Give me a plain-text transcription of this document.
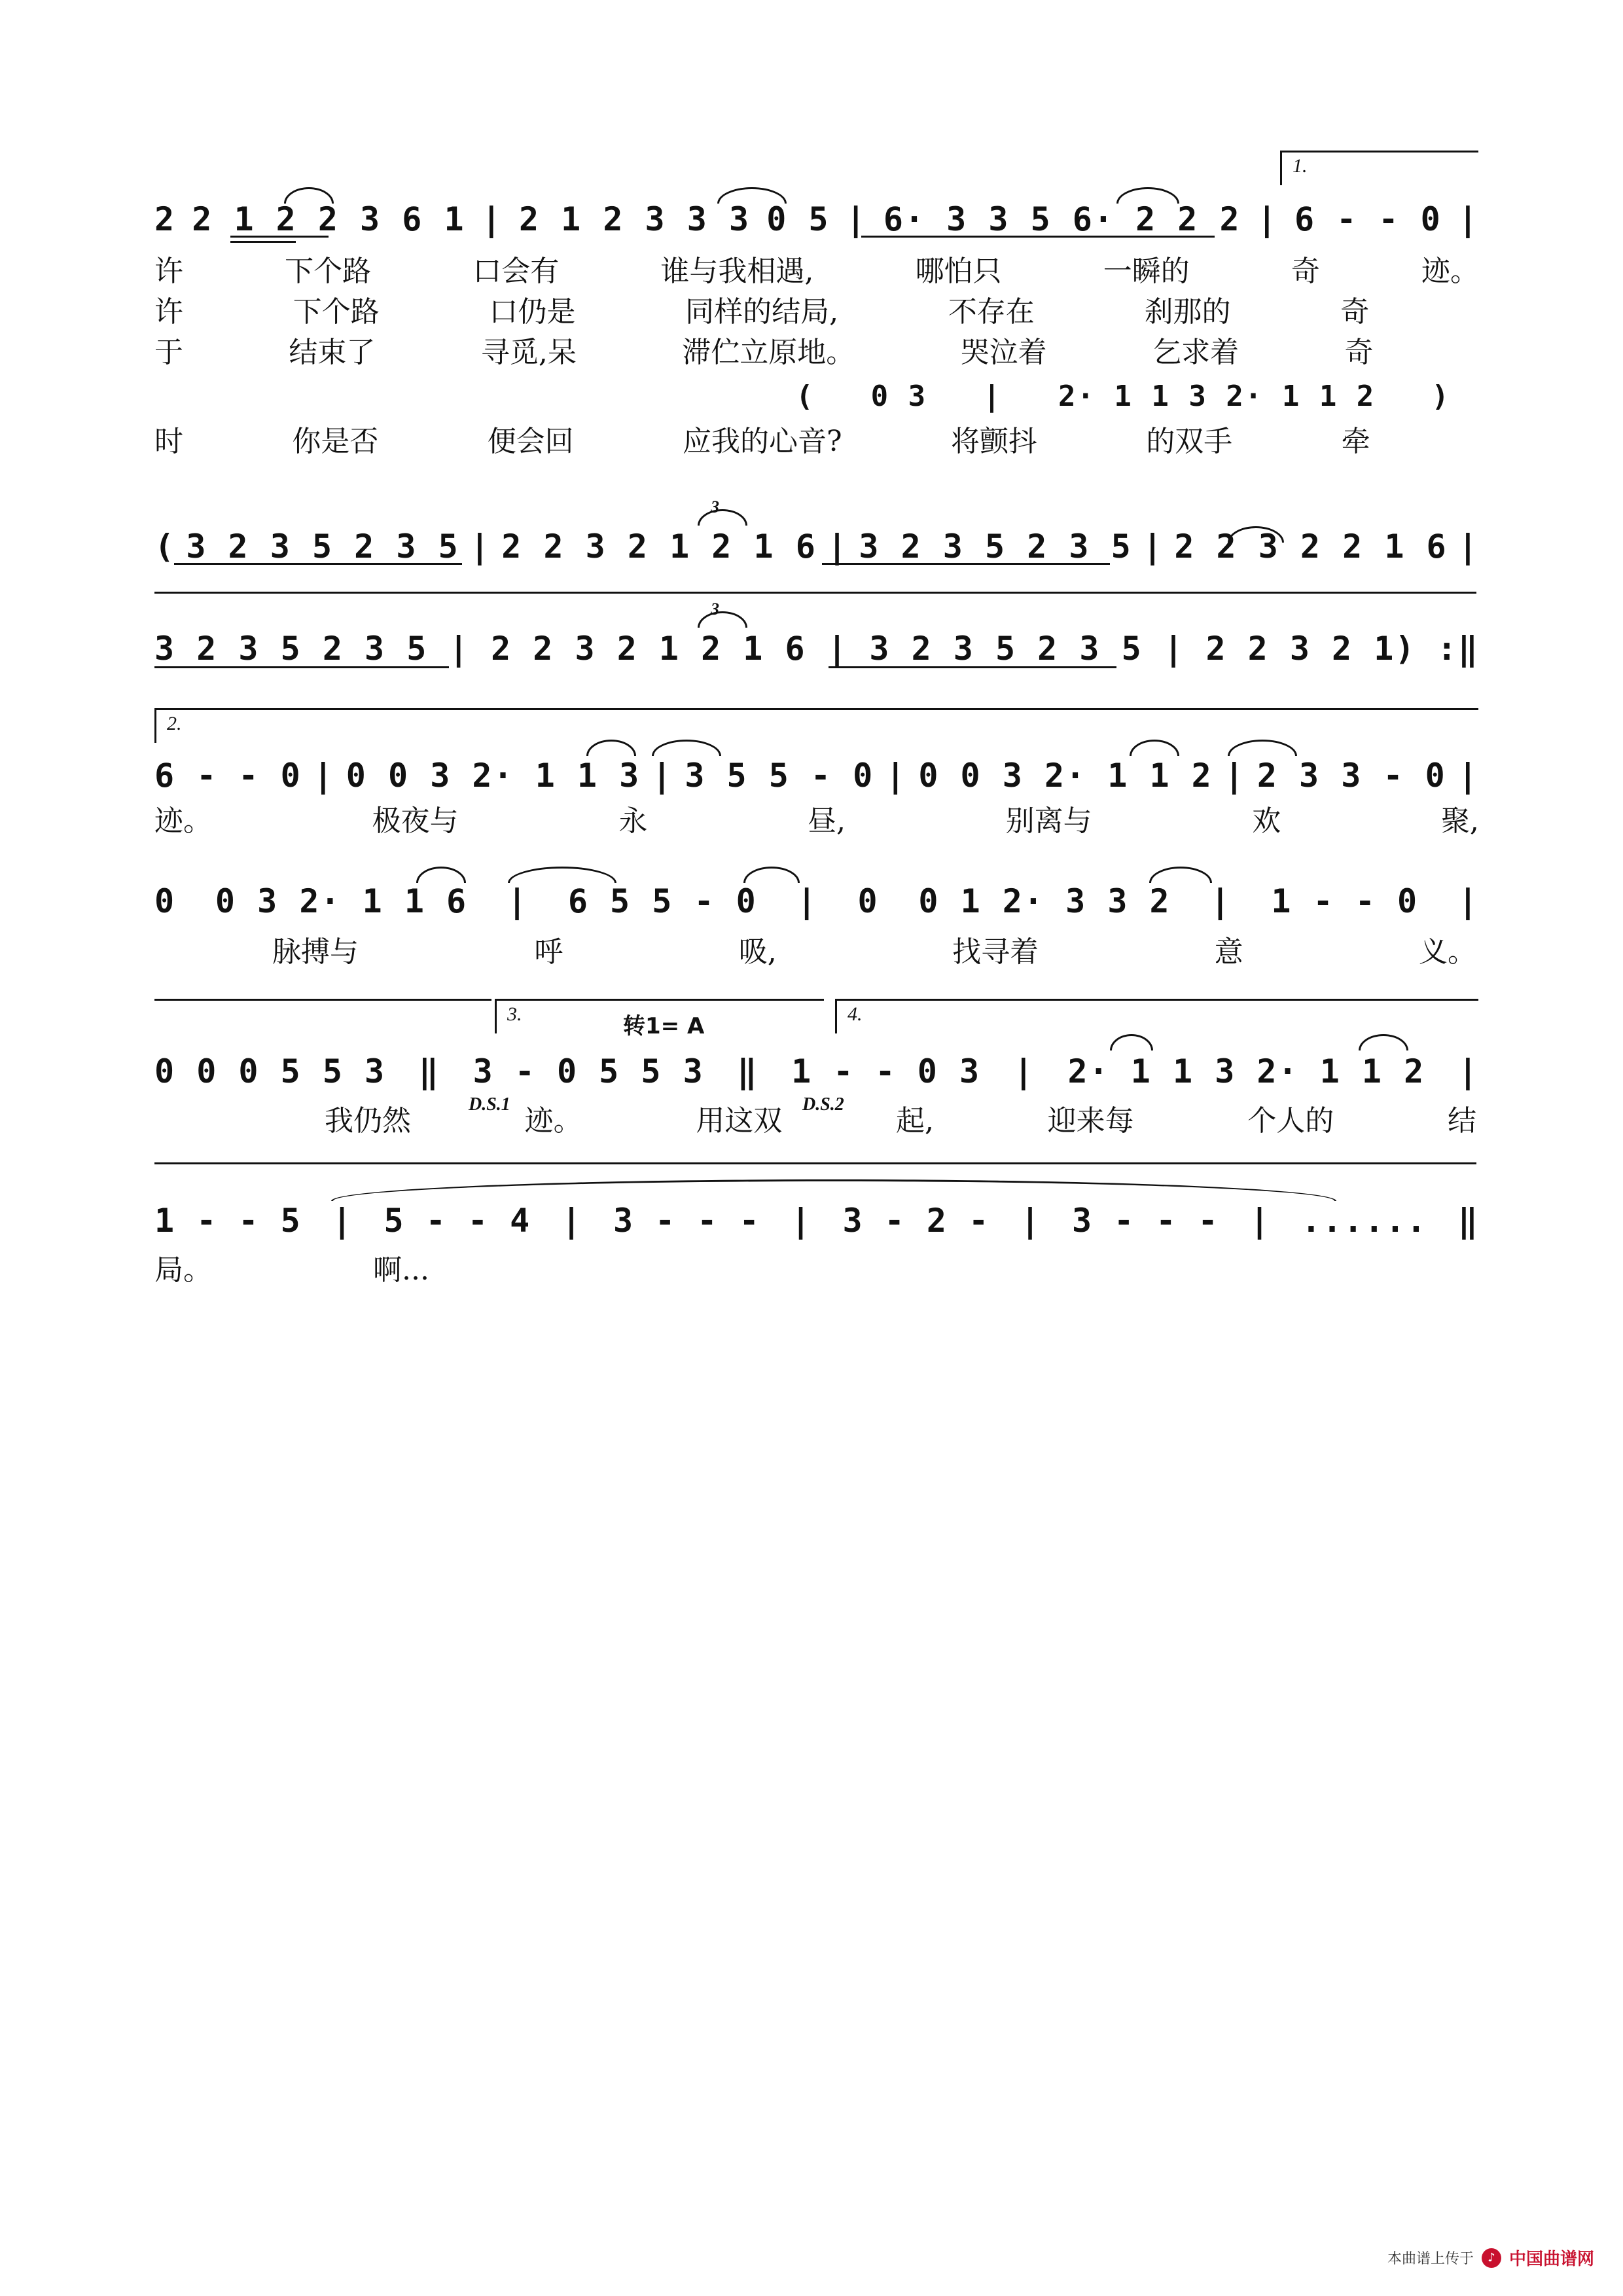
1.
2 2 1 2 2 3 6 1 | 2 1 2 3 3 3 0 5 | 6· 3 3 5 6· 2 2 2 | 6 - - 0 |
许	下个路	口会有	谁与我相遇,	哪怕只	一瞬的	奇	迹。
许	下个路	口仍是	同样的结局,	不存在	刹那的	奇
于	结束了	寻觅,呆	滞伫立原地。	哭泣着	乞求着	奇
( 0 3 | 2· 1 1 3 2· 1 1 2 )
时	你是否	便会回	应我的心音?	将颤抖	的双手	牵
3
( 3 2 3 5 2 3 5 | 2 2 3 2 1 2 1 6 | 3 2 3 5 2 3 5 | 2 2 3 2 2 1 6 |
3
3 2 3 5 2 3 5 | 2 2 3 2 1 2 1 6 | 3 2 3 5 2 3 5 | 2 2 3 2 1) :‖
2.
6 - - 0 | 0 0 3 2· 1 1 3 | 3 5 5 - 0 | 0 0 3 2· 1 1 2 | 2 3 3 - 0 |
迹。	极夜与	永	昼,	别离与	欢	聚,
0 0 3 2· 1 1 6 | 6 5 5 - 0 | 0 0 1 2· 3 3 2 | 1 - - 0 |
脉搏与	呼	吸,	找寻着	意	义。
3.	4.
转1= A
0 0 0 5 5 3 ‖ 3 - 0 5 5 3 ‖ 1 - - 0 3 | 2· 1 1 3 2· 1 1 2 |
D.S.1	D.S.2
我仍然	迹。	用这双	起,	迎来每	个人的	结
1 - - 5 | 5 - - 4 | 3 - - - | 3 - 2 - | 3 - - - | ...... ‖
局。	啊...
本曲谱上传于	♪ 中国曲谱网
